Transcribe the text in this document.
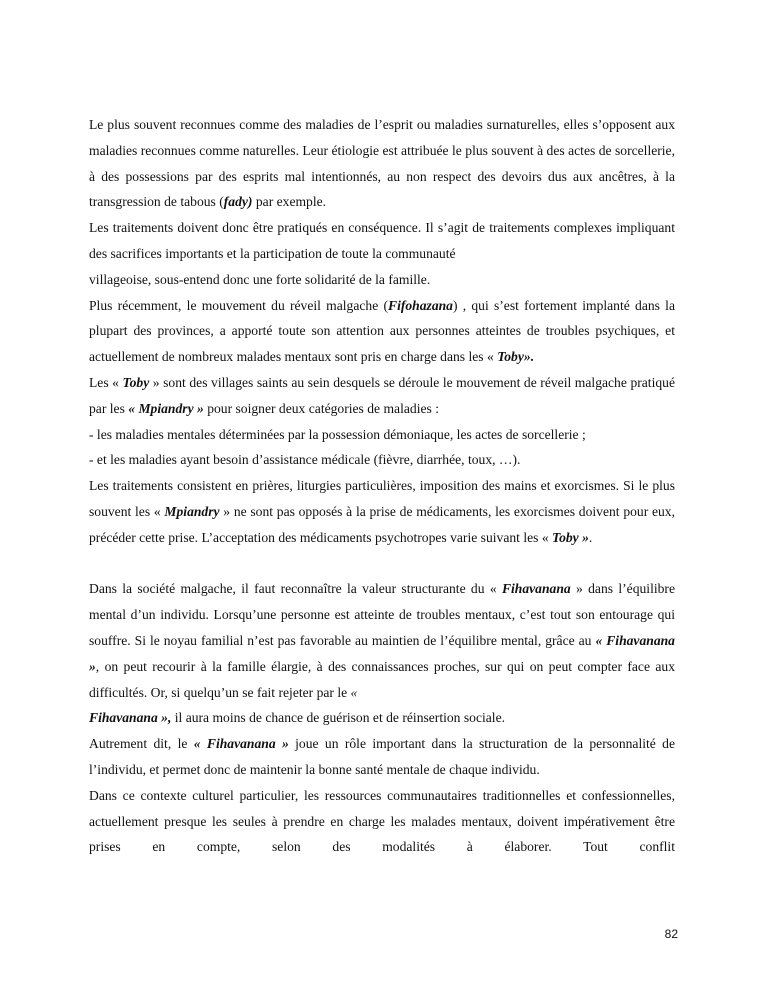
Le plus souvent reconnues comme des maladies de l’esprit ou maladies surnaturelles, elles s’opposent aux maladies reconnues comme naturelles. Leur étiologie est attribuée le plus souvent à des actes de sorcellerie, à des possessions par des esprits mal intentionnés, au non respect des devoirs dus aux ancêtres, à la transgression de tabous (fady) par exemple.

Les traitements doivent donc être pratiqués en conséquence. Il s’agit de traitements complexes impliquant des sacrifices importants et la participation de toute la communauté

villageoise, sous-entend donc une forte solidarité de la famille.

Plus récemment, le mouvement du réveil malgache (Fifohazana) , qui s’est fortement implanté dans la plupart des provinces, a apporté toute son attention aux personnes atteintes de troubles psychiques, et actuellement de nombreux malades mentaux sont pris en charge dans les « Toby».

Les « Toby » sont des villages saints au sein desquels se déroule le mouvement de réveil malgache pratiqué par les « Mpiandry » pour soigner deux catégories de maladies :

- les maladies mentales déterminées par la possession démoniaque, les actes de sorcellerie ;

- et les maladies ayant besoin d’assistance médicale (fièvre, diarrhée, toux, …).

Les traitements consistent en prières, liturgies particulières, imposition des mains et exorcismes. Si le plus souvent les « Mpiandry » ne sont pas opposés à la prise de médicaments, les exorcismes doivent pour eux, précéder cette prise. L’acceptation des médicaments psychotropes varie suivant les « Toby ».

Dans la société malgache, il faut reconnaître la valeur structurante du « Fihavanana » dans l’équilibre mental d’un individu. Lorsqu’une personne est atteinte de troubles mentaux, c’est tout son entourage qui souffre. Si le noyau familial n’est pas favorable au maintien de l’équilibre mental, grâce au « Fihavanana », on peut recourir à la famille élargie, à des connaissances proches, sur qui on peut compter face aux difficultés. Or, si quelqu’un se fait rejeter par le «
Fihavanana », il aura moins de chance de guérison et de réinsertion sociale.

Autrement dit, le « Fihavanana » joue un rôle important dans la structuration de la personnalité de l’individu, et permet donc de maintenir la bonne santé mentale de chaque individu.

Dans ce contexte culturel particulier, les ressources communautaires traditionnelles et confessionnelles, actuellement presque les seules à prendre en charge les malades mentaux, doivent impérativement être prises en compte, selon des modalités à élaborer. Tout conflit

82
